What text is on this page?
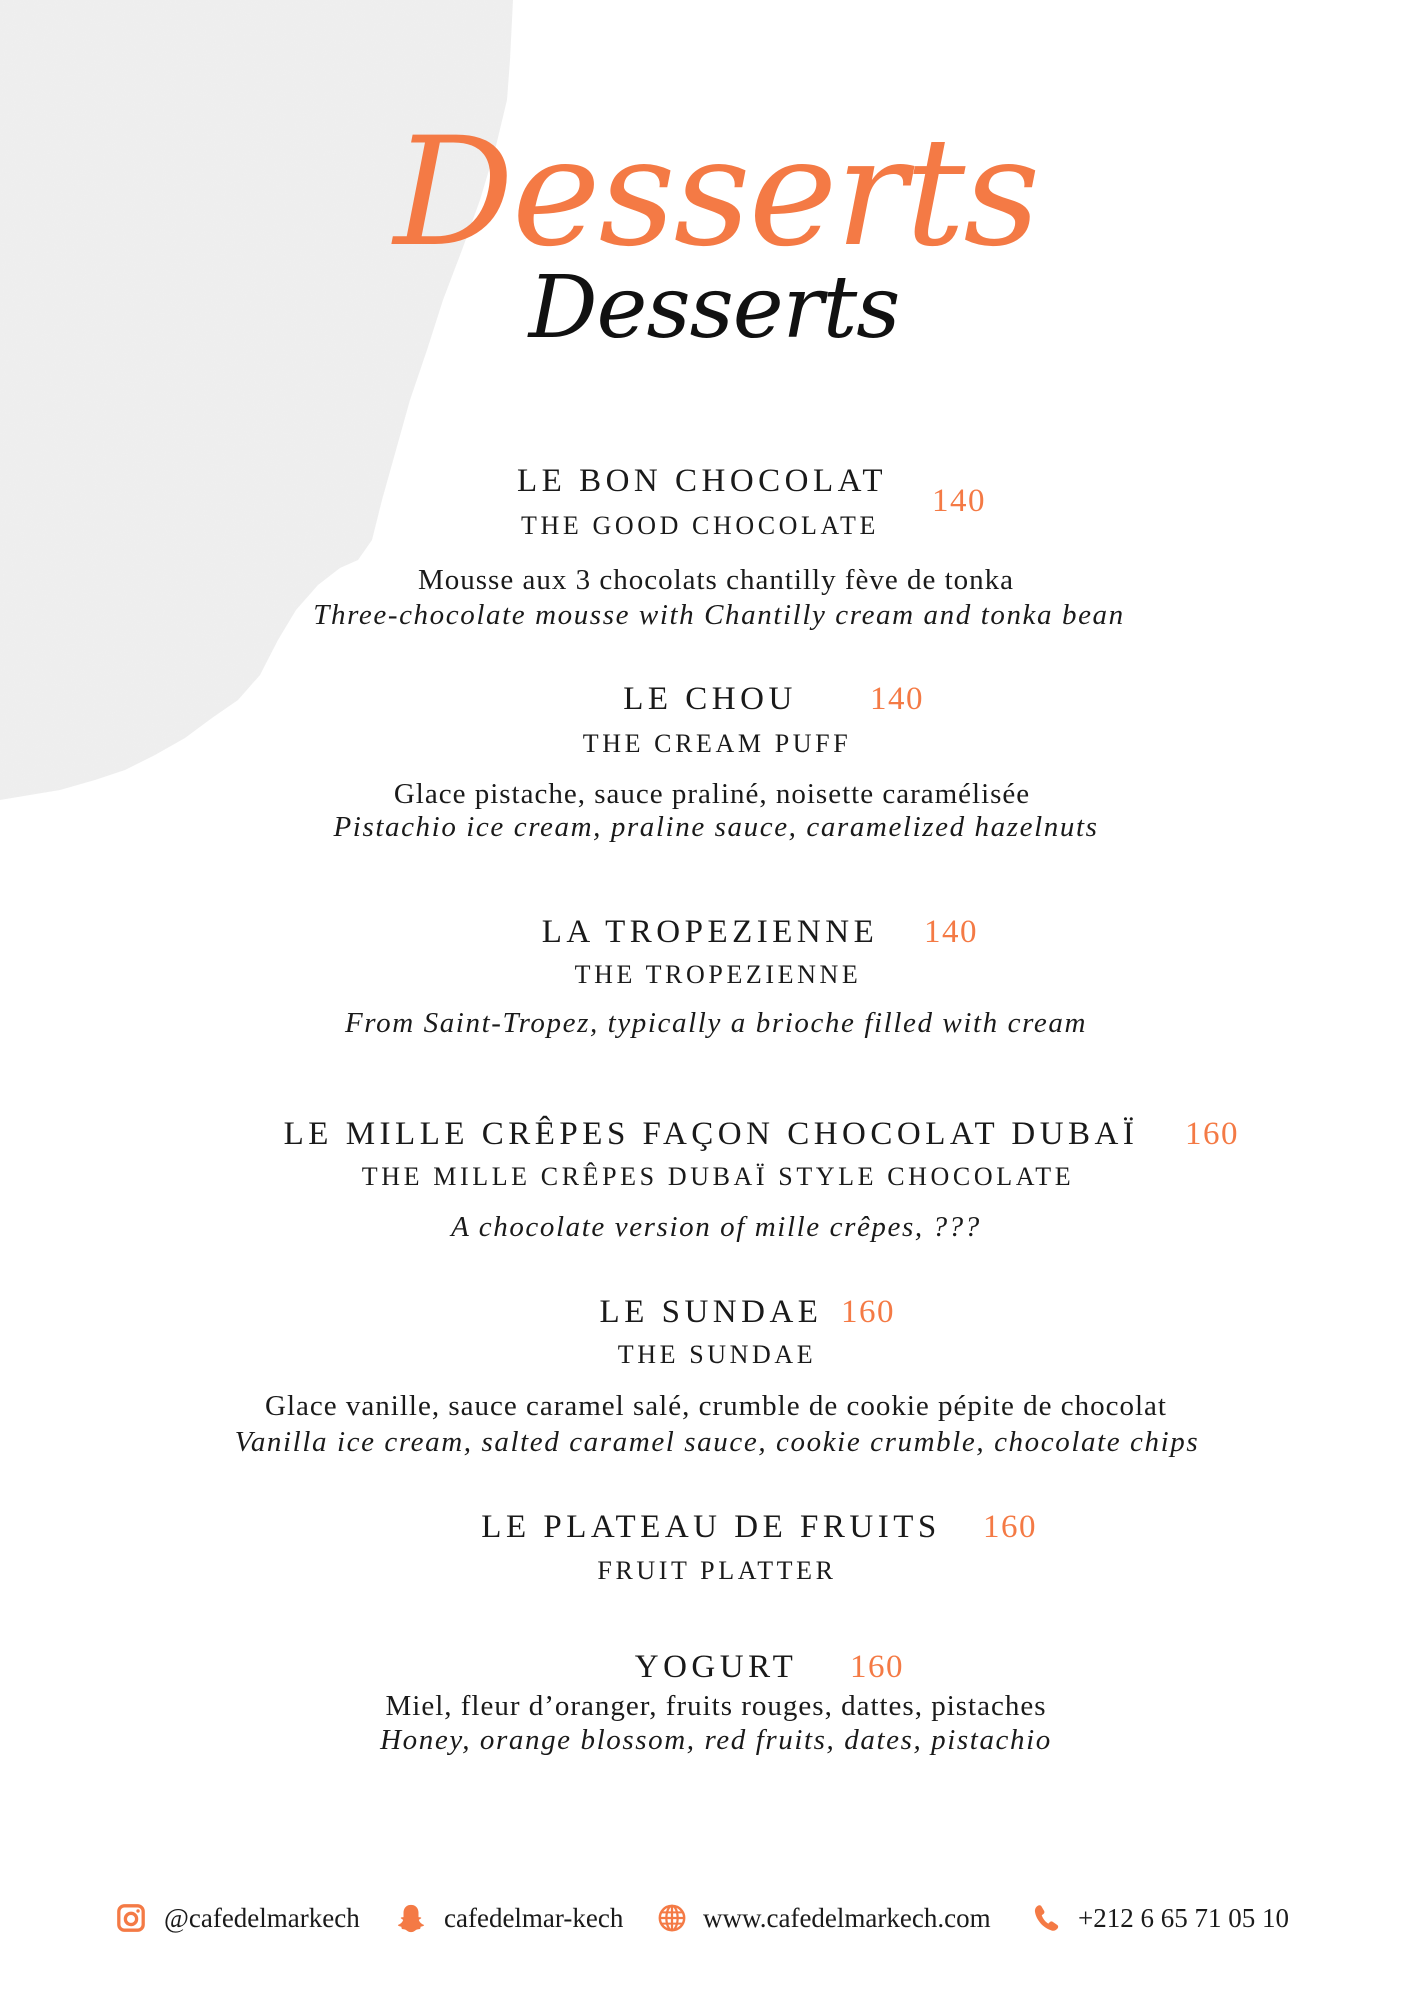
Desserts
Desserts
LE BON CHOCOLAT
140
THE GOOD CHOCOLATE
Mousse aux 3 chocolats chantilly fève de tonka
Three-chocolate mousse with Chantilly cream and tonka bean
LE CHOU 140
THE CREAM PUFF
Glace pistache, sauce praliné, noisette caramélisée
Pistachio ice cream, praline sauce, caramelized hazelnuts
LA TROPEZIENNE 140
THE TROPEZIENNE
From Saint-Tropez, typically a brioche filled with cream
LE MILLE CRÊPES FAÇON CHOCOLAT DUBAÏ 160
THE MILLE CRÊPES DUBAÏ STYLE CHOCOLATE
A chocolate version of mille crêpes, ???
LE SUNDAE 160
THE SUNDAE
Glace vanille, sauce caramel salé, crumble de cookie pépite de chocolat
Vanilla ice cream, salted caramel sauce, cookie crumble, chocolate chips
LE PLATEAU DE FRUITS 160
FRUIT PLATTER
YOGURT 160
Miel, fleur d’oranger, fruits rouges, dattes, pistaches
Honey, orange blossom, red fruits, dates, pistachio
@cafedelmarkech	cafedelmar-kech	www.cafedelmarkech.com	+212 6 65 71 05 10
